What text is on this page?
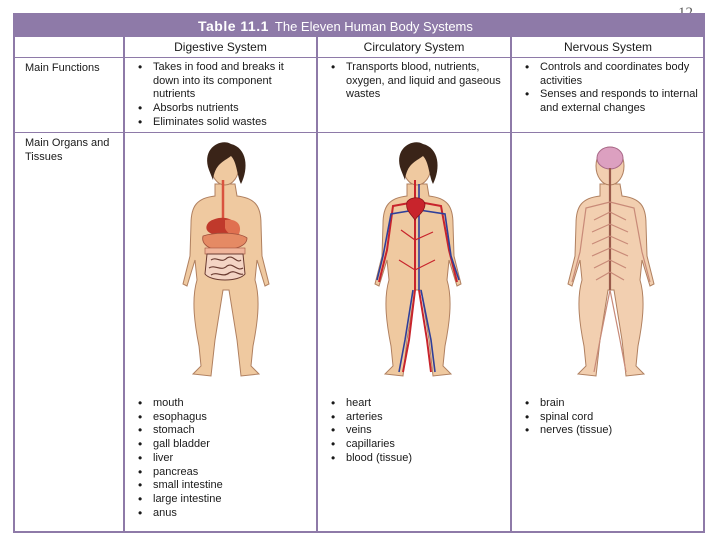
Table 11.1 The Eleven Human Body Systems
Digestive System	Circulatory System	Nervous System
Main Functions
Main Organs and Tissues
• Takes in food and breaks it down into its component nutrients
• Absorbs nutrients
• Eliminates solid wastes
• Transports blood, nutrients, oxygen, and liquid and gaseous wastes
• Controls and coordinates body activities
• Senses and responds to internal and external changes
• mouth
• esophagus
• stomach
• gall bladder
• liver
• pancreas
• small intestine
• large intestine
• anus
• heart
• arteries
• veins
• capillaries
• blood (tissue)
• brain
• spinal cord
• nerves (tissue)
